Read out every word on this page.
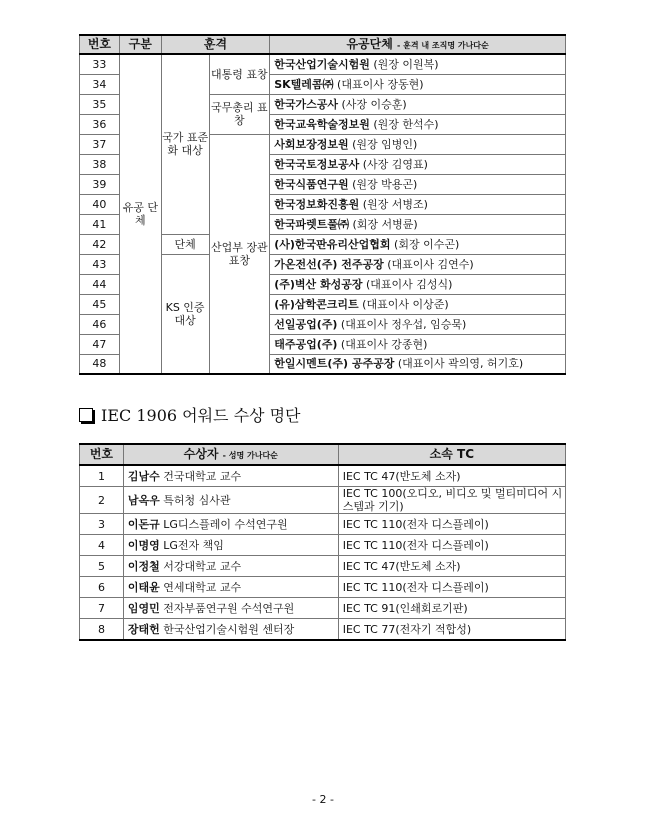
번호	구분	훈격		유공단체 - 훈격 내 조직명 가나다순
33	유공 단체	국가 표준화 대상	대통령 표창	한국산업기술시험원 (원장 이원복)
34				SK텔레콤㈜ (대표이사 장동현)
35			국무총리 표창	한국가스공사 (사장 이승훈)
36				한국교육학술정보원 (원장 한석수)
37			산업부 장관 표창	사회보장정보원 (원장 임병인)
38				한국국토정보공사 (사장 김영표)
39				한국식품연구원 (원장 박용곤)
40				한국정보화진흥원 (원장 서병조)
41				한국파렛트풀㈜ (회장 서병륜)
42		단체		(사)한국판유리산업협회 (회장 이수곤)
43		KS 인증 대상		가온전선(주) 전주공장 (대표이사 김연수)
44				(주)벽산 화성공장 (대표이사 김성식)
45				(유)삼학콘크리트 (대표이사 이상준)
46				선일공업(주) (대표이사 정우섭, 임승묵)
47				태주공업(주) (대표이사 강종현)
48				한일시멘트(주) 공주공장 (대표이사 곽의영, 허기호)
IEC 1906 어워드 수상 명단
번호	수상자 - 성명 가나다순	소속 TC
1	김남수 건국대학교 교수	IEC TC 47(반도체 소자)
2	남옥우 특허청 심사관	IEC TC 100(오디오, 비디오 및 멀티미디어 시스템과 기기)
3	이돈규 LG디스플레이 수석연구원	IEC TC 110(전자 디스플레이)
4	이명영 LG전자 책임	IEC TC 110(전자 디스플레이)
5	이정철 서강대학교 교수	IEC TC 47(반도체 소자)
6	이태윤 연세대학교 교수	IEC TC 110(전자 디스플레이)
7	임영민 전자부품연구원 수석연구원	IEC TC 91(인쇄회로기판)
8	장태헌 한국산업기술시험원 센터장	IEC TC 77(전자기 적합성)
- 2 -
